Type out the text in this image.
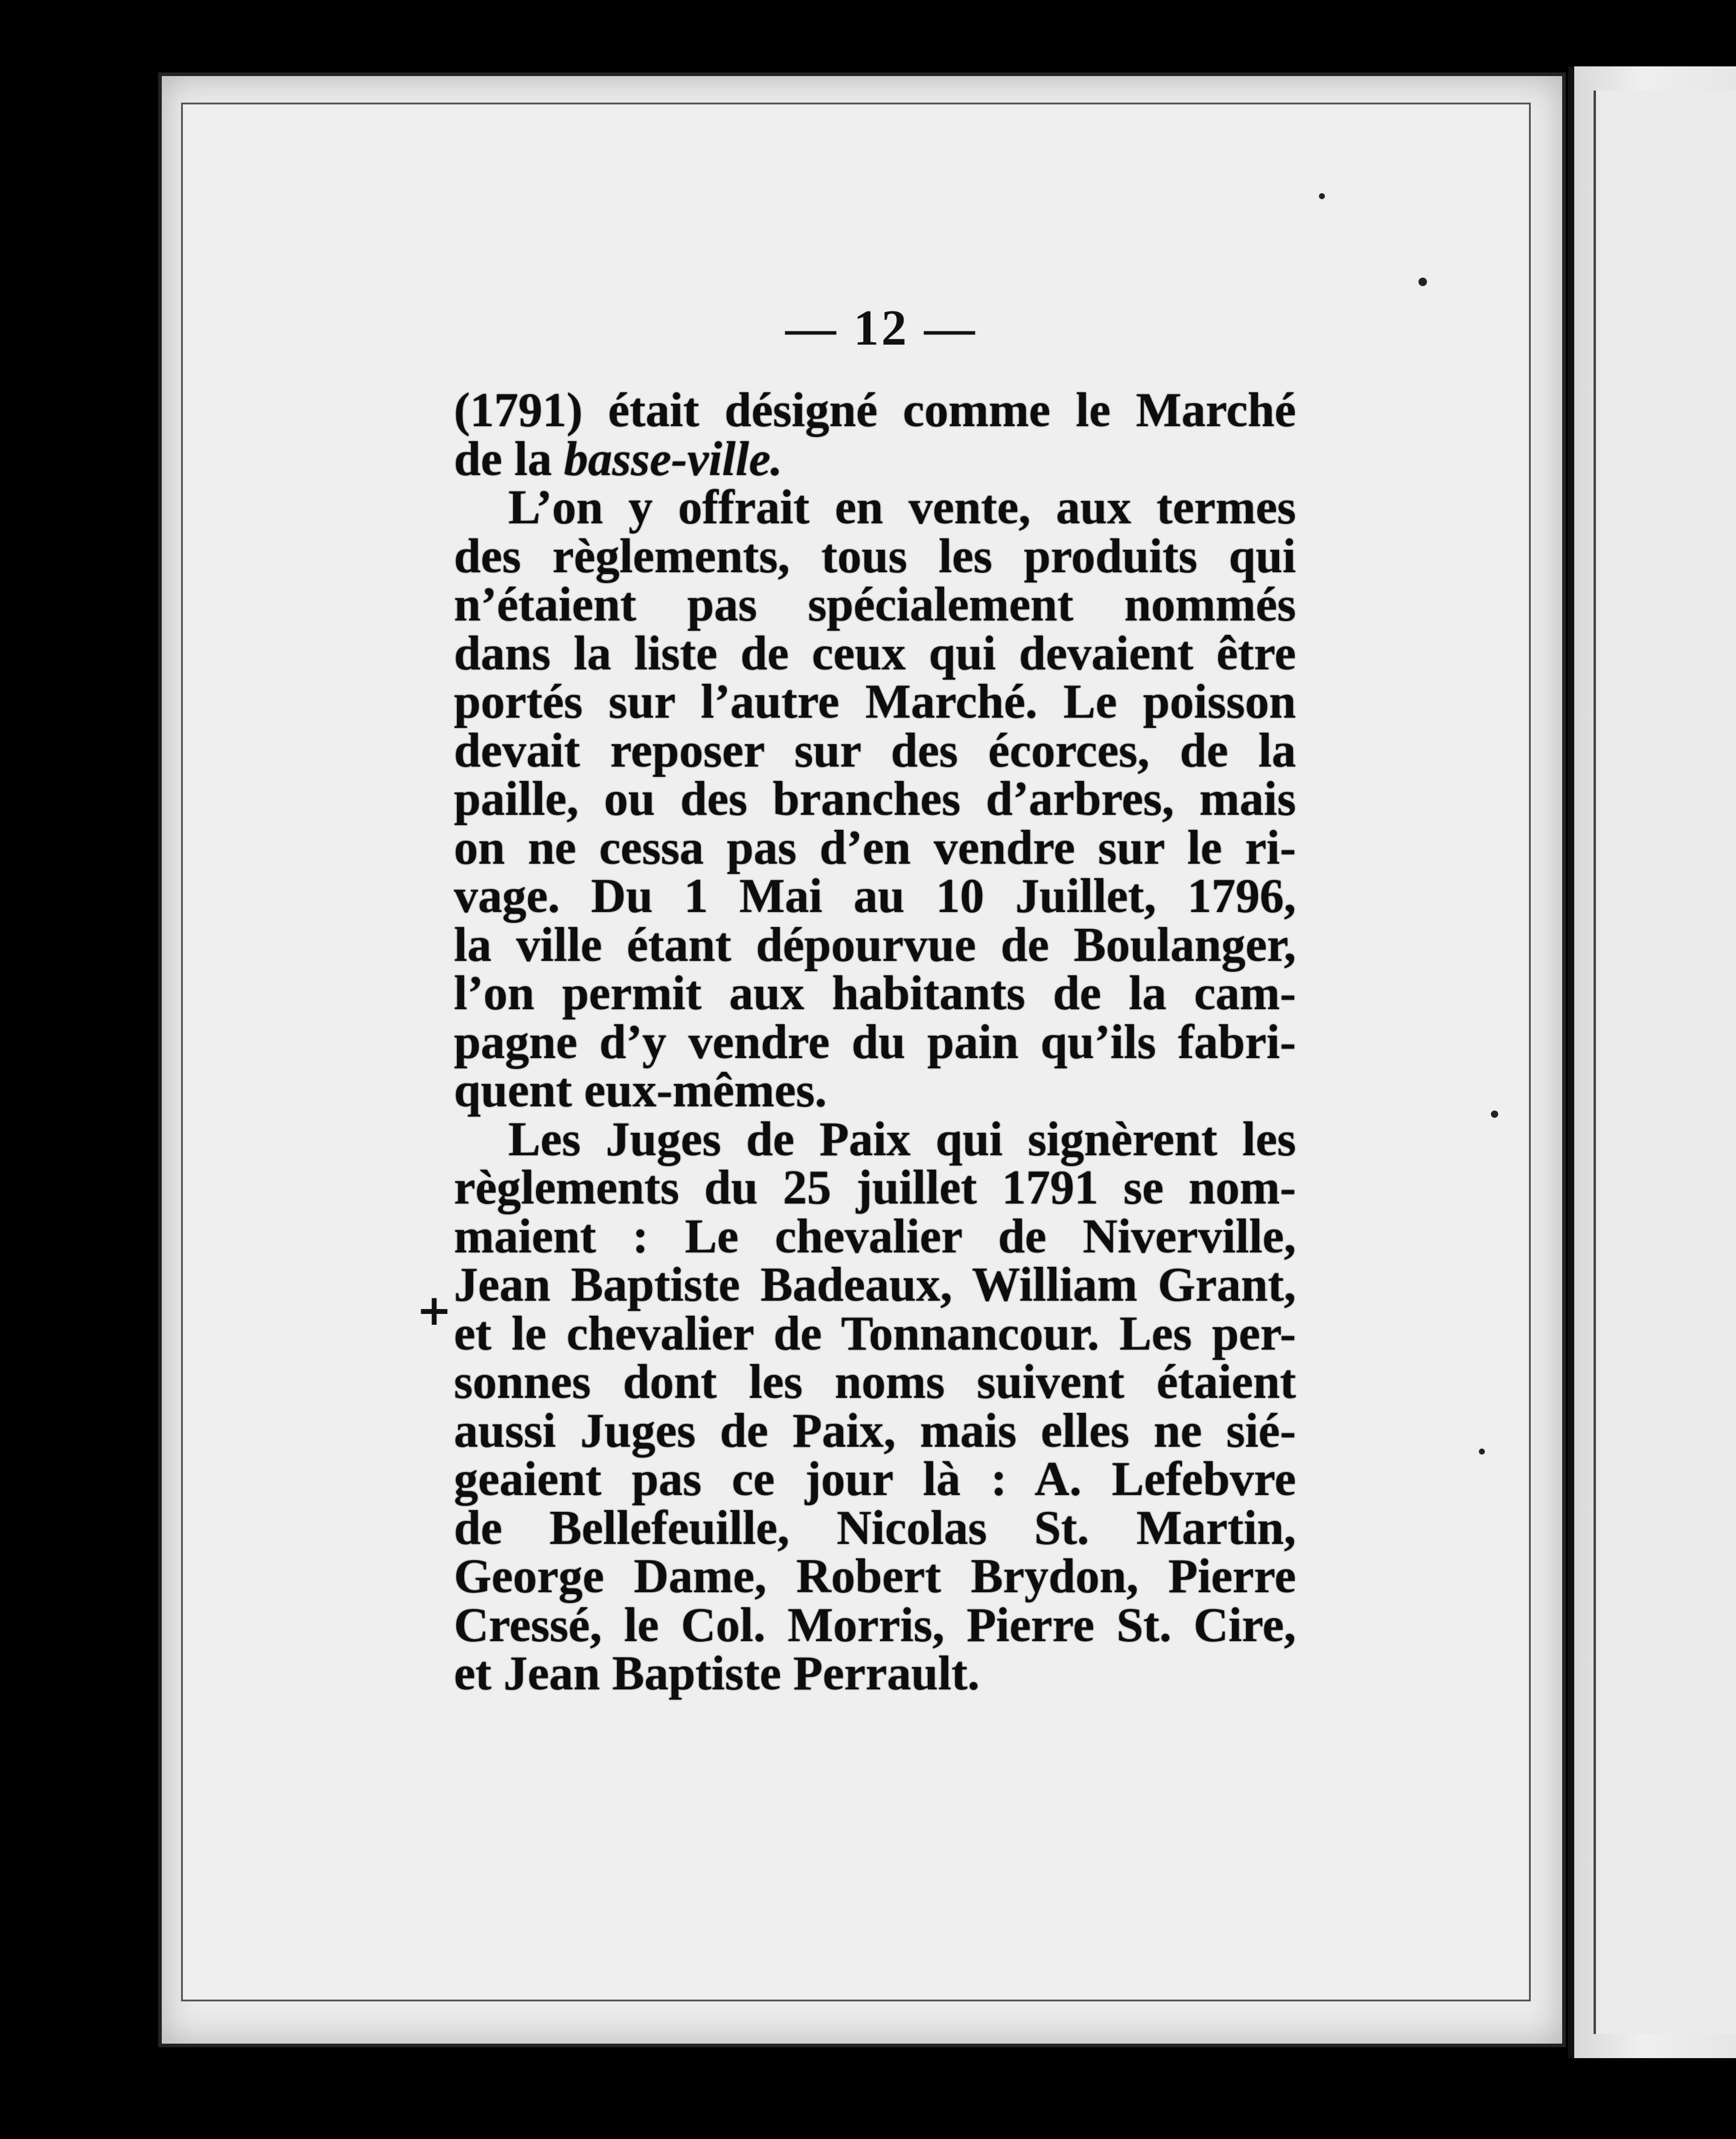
— 12 —
(1791) était désigné comme le Marché
de la basse-ville.
L’on y offrait en vente, aux termes
des règlements, tous les produits qui
n’étaient pas spécialement nommés
dans la liste de ceux qui devaient être
portés sur l’autre Marché. Le poisson
devait reposer sur des écorces, de la
paille, ou des branches d’arbres, mais
on ne cessa pas d’en vendre sur le ri-
vage. Du 1 Mai au 10 Juillet, 1796,
la ville étant dépourvue de Boulanger,
l’on permit aux habitants de la cam-
pagne d’y vendre du pain qu’ils fabri-
quent eux-mêmes.
Les Juges de Paix qui signèrent les
règlements du 25 juillet 1791 se nom-
maient : Le chevalier de Niverville,
Jean Baptiste Badeaux, William Grant,
et le chevalier de Tonnancour. Les per-
sonnes dont les noms suivent étaient
aussi Juges de Paix, mais elles ne sié-
geaient pas ce jour là : A. Lefebvre
de Bellefeuille, Nicolas St. Martin,
George Dame, Robert Brydon, Pierre
Cressé, le Col. Morris, Pierre St. Cire,
et Jean Baptiste Perrault.
+
